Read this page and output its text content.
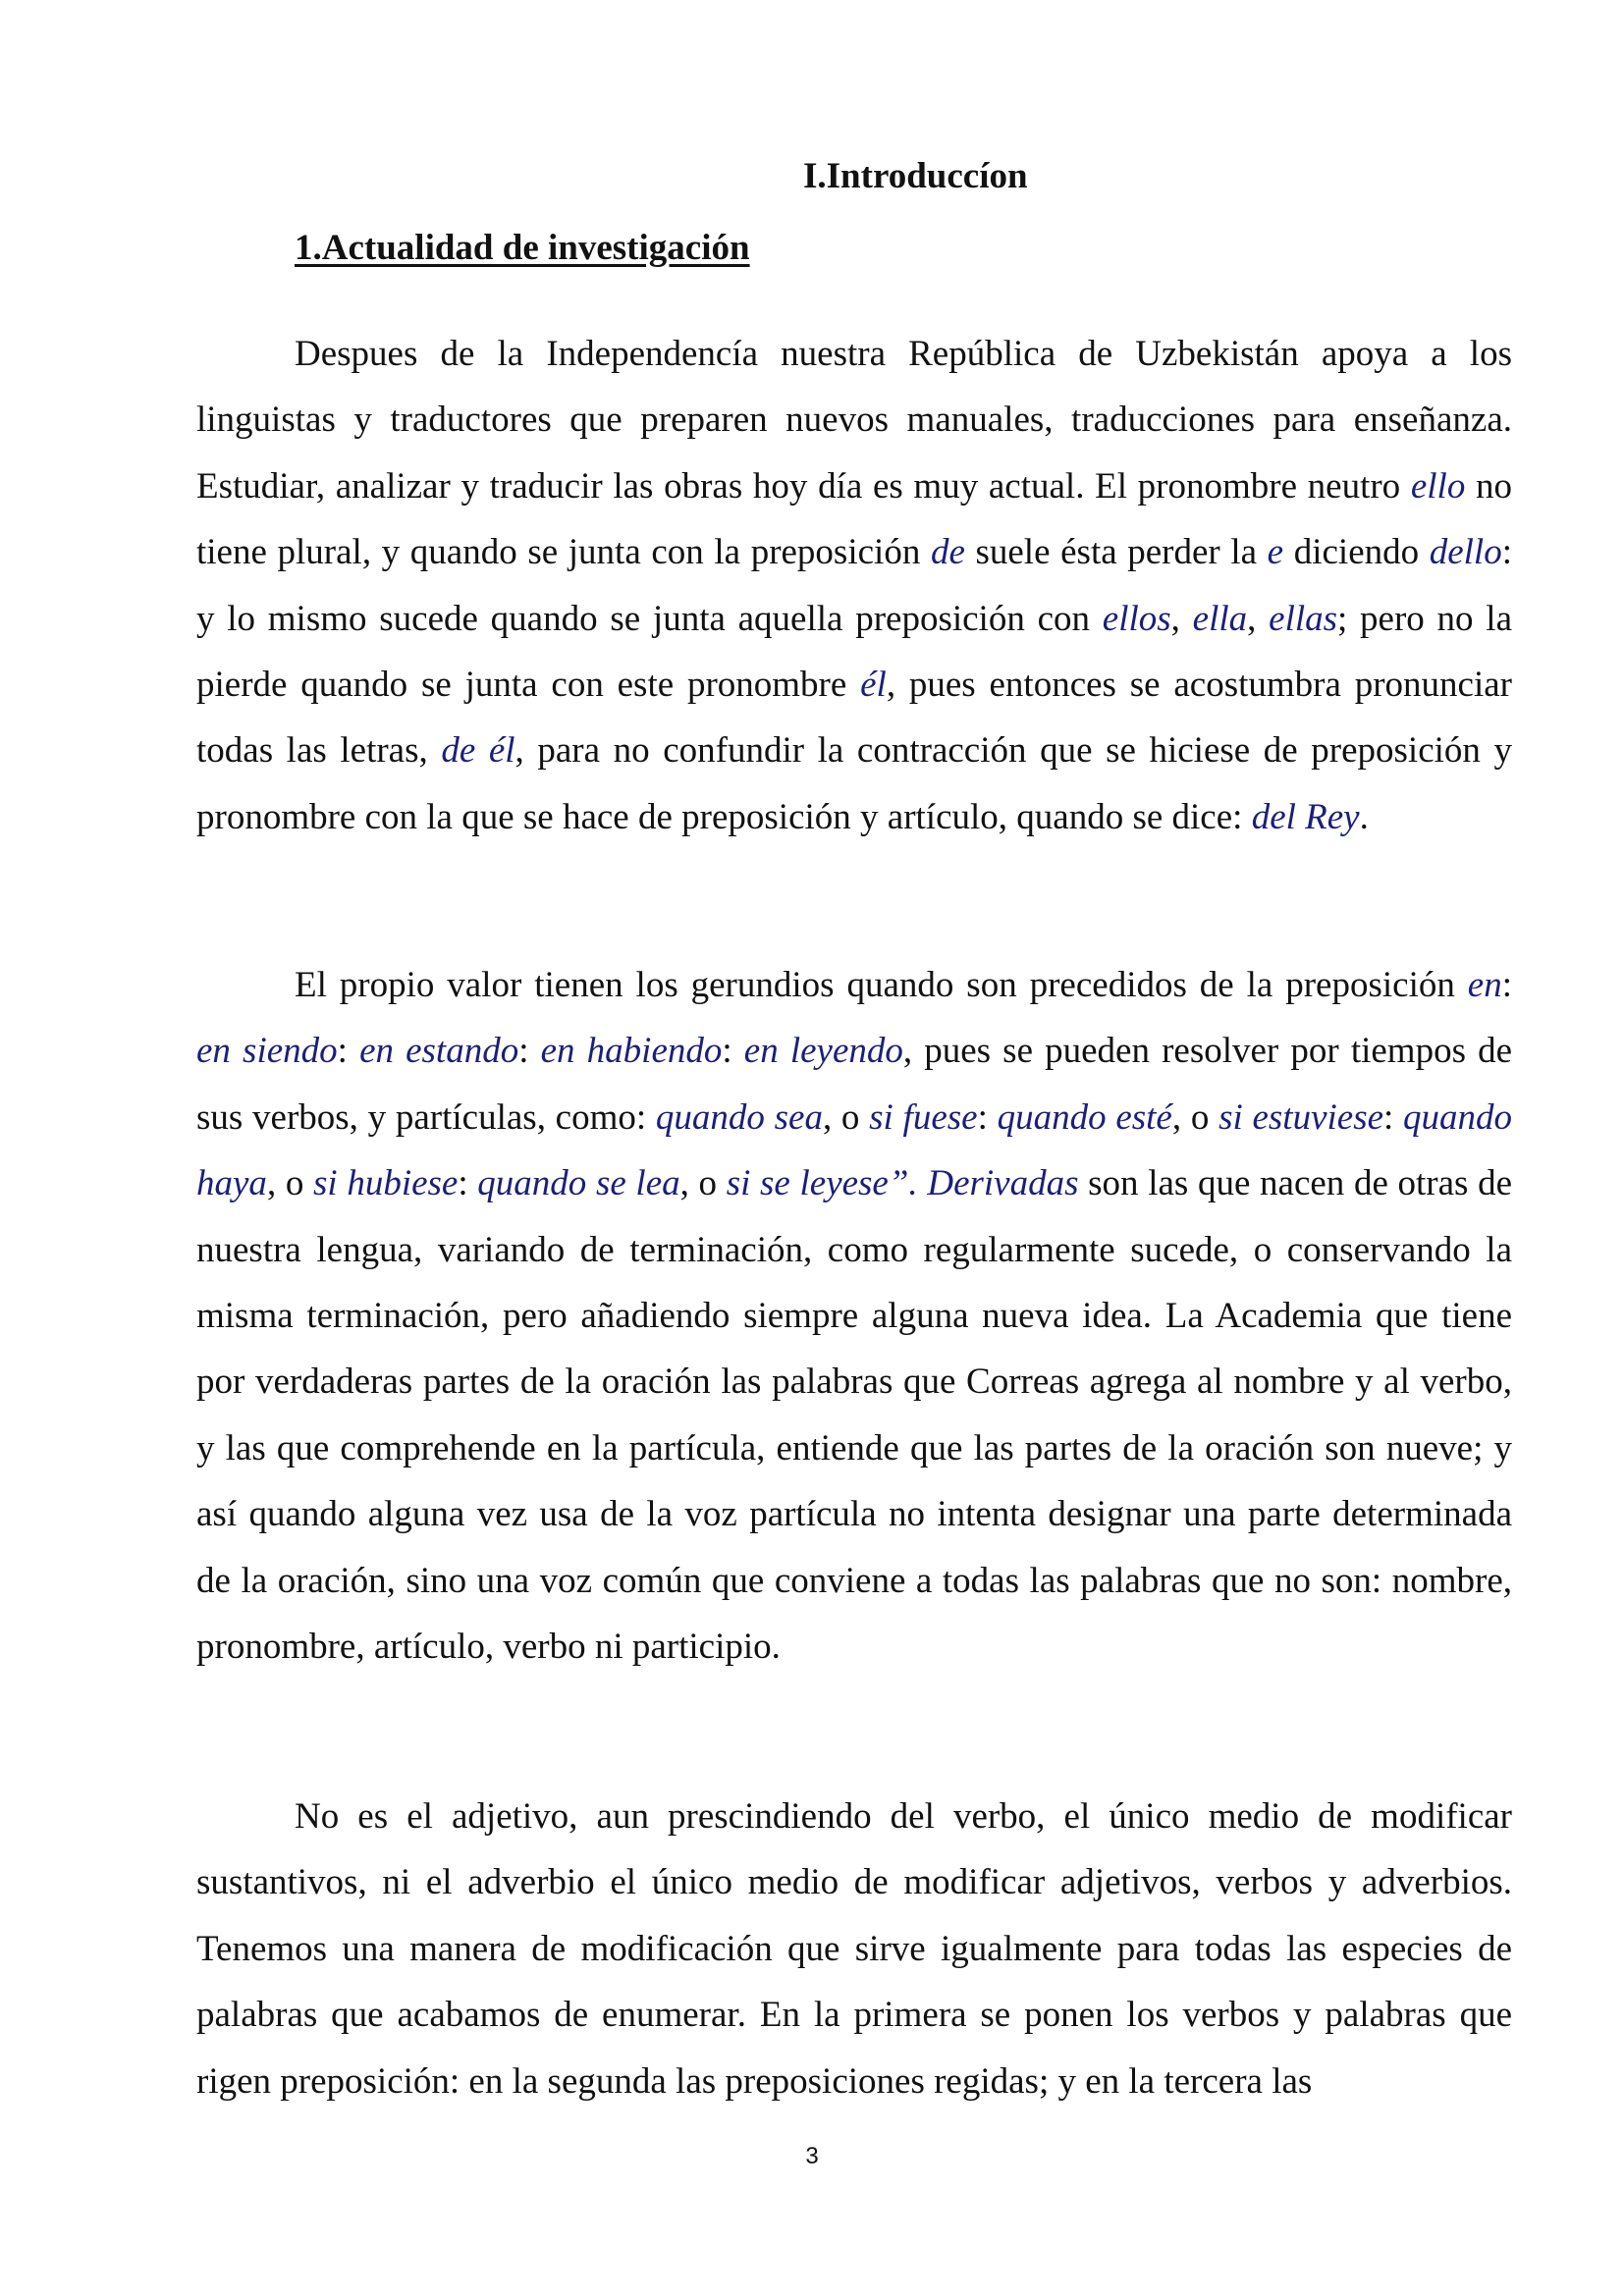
I.Introduccíon
1.Actualidad de investigación

Despues de la Independencía nuestra República de Uzbekistán apoya a los linguistas y traductores que preparen nuevos manuales, traducciones para enseñanza. Estudiar, analizar y traducir las obras hoy día es muy actual. El pronombre neutro ello no tiene plural, y quando se junta con la preposición de suele ésta perder la e diciendo dello: y lo mismo sucede quando se junta aquella preposición con ellos, ella, ellas; pero no la pierde quando se junta con este pronombre él, pues entonces se acostumbra pronunciar todas las letras, de él, para no confundir la contracción que se hiciese de preposición y pronombre con la que se hace de preposición y artículo, quando se dice: del Rey.

El propio valor tienen los gerundios quando son precedidos de la preposición en: en siendo: en estando: en habiendo: en leyendo, pues se pueden resolver por tiempos de sus verbos, y partículas, como: quando sea, o si fuese: quando esté, o si estuviese: quando haya, o si hubiese: quando se lea, o si se leyese”. Derivadas son las que nacen de otras de nuestra lengua, variando de terminación, como regularmente sucede, o conservando la misma terminación, pero añadiendo siempre alguna nueva idea. La Academia que tiene por verdaderas partes de la oración las palabras que Correas agrega al nombre y al verbo, y las que comprehende en la partícula, entiende que las partes de la oración son nueve; y así quando alguna vez usa de la voz partícula no intenta designar una parte determinada de la oración, sino una voz común que conviene a todas las palabras que no son: nombre, pronombre, artículo, verbo ni participio.

No es el adjetivo, aun prescindiendo del verbo, el único medio de modificar sustantivos, ni el adverbio el único medio de modificar adjetivos, verbos y adverbios. Tenemos una manera de modificación que sirve igualmente para todas las especies de palabras que acabamos de enumerar. En la primera se ponen los verbos y palabras que rigen preposición: en la segunda las preposiciones regidas; y en la tercera las

3
